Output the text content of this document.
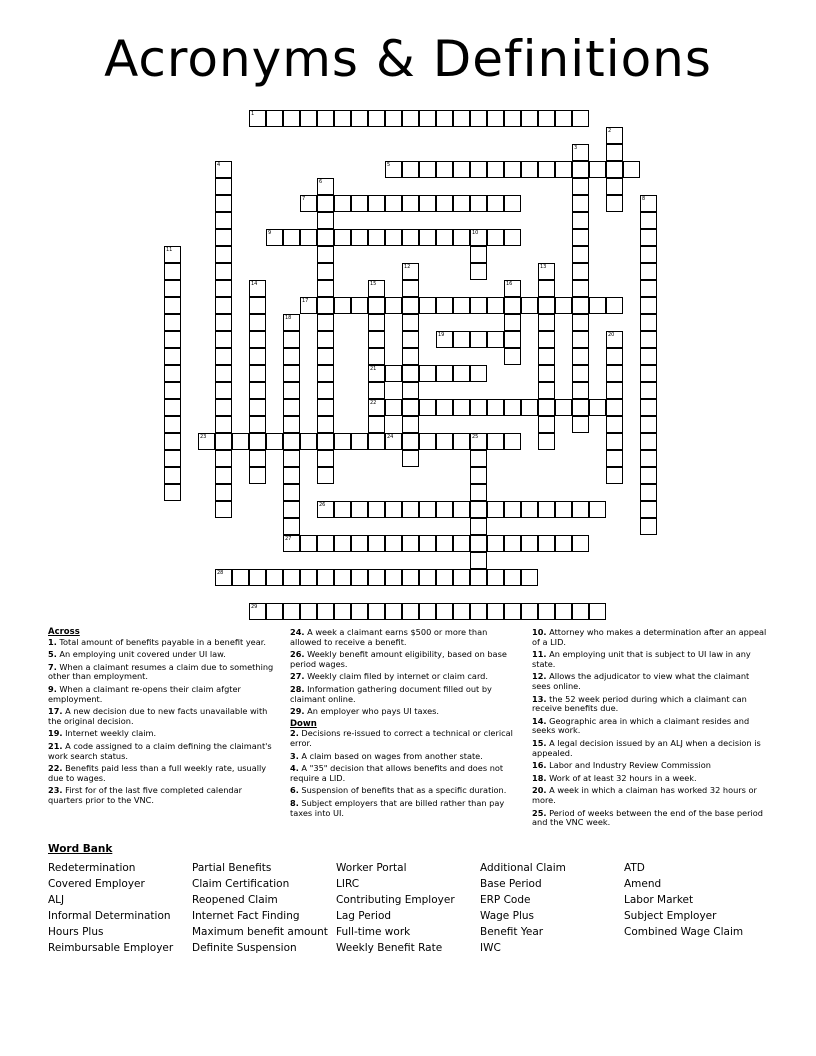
Acronyms & Definitions
1
5
7
9	10
17
19
21
22
23	24	25
26
27
28
29
2
3
4
6
8
11
12	13
14	15	16
18
20
Across
1. Total amount of benefits payable in a benefit year.
5. An employing unit covered under UI law.
7. When a claimant resumes a claim due to something other than employment.
9. When a claimant re-opens their claim afgter employment.
17. A new decision due to new facts unavailable with the original decision.
19. Internet weekly claim.
21. A code assigned to a claim defining the claimant's work search status.
22. Benefits paid less than a full weekly rate, usually due to wages.
23. First for of the last five completed calendar quarters prior to the VNC.
24. A week a claimant earns $500 or more than allowed to receive a benefit.
26. Weekly benefit amount eligibility, based on base period wages.
27. Weekly claim filed by internet or claim card.
28. Information gathering document filled out by claimant online.
29. An employer who pays UI taxes.
Down
2. Decisions re-issued to correct a technical or clerical error.
3. A claim based on wages from another state.
4. A "35" decision that allows benefits and does not require a LID.
6. Suspension of benefits that as a specific duration.
8. Subject employers that are billed rather than pay taxes into UI.
10. Attorney who makes a determination after an appeal of a LID.
11. An employing unit that is subject to UI law in any state.
12. Allows the adjudicator to view what the claimant sees online.
13. the 52 week period during which a claimant can receive benefits due.
14. Geographic area in which a claimant resides and seeks work.
15. A legal decision issued by an ALJ when a decision is appealed.
16. Labor and Industry Review Commission
18. Work of at least 32 hours in a week.
20. A week in which a claiman has worked 32 hours or more.
25. Period of weeks between the end of the base period and the VNC week.
Word Bank
Redetermination
Covered Employer
ALJ
Informal Determination
Hours Plus
Reimbursable Employer
Partial Benefits
Claim Certification
Reopened Claim
Internet Fact Finding
Maximum benefit amount
Definite Suspension
Worker Portal
LIRC
Contributing Employer
Lag Period
Full-time work
Weekly Benefit Rate
Additional Claim
Base Period
ERP Code
Wage Plus
Benefit Year
IWC
ATD
Amend
Labor Market
Subject Employer
Combined Wage Claim
